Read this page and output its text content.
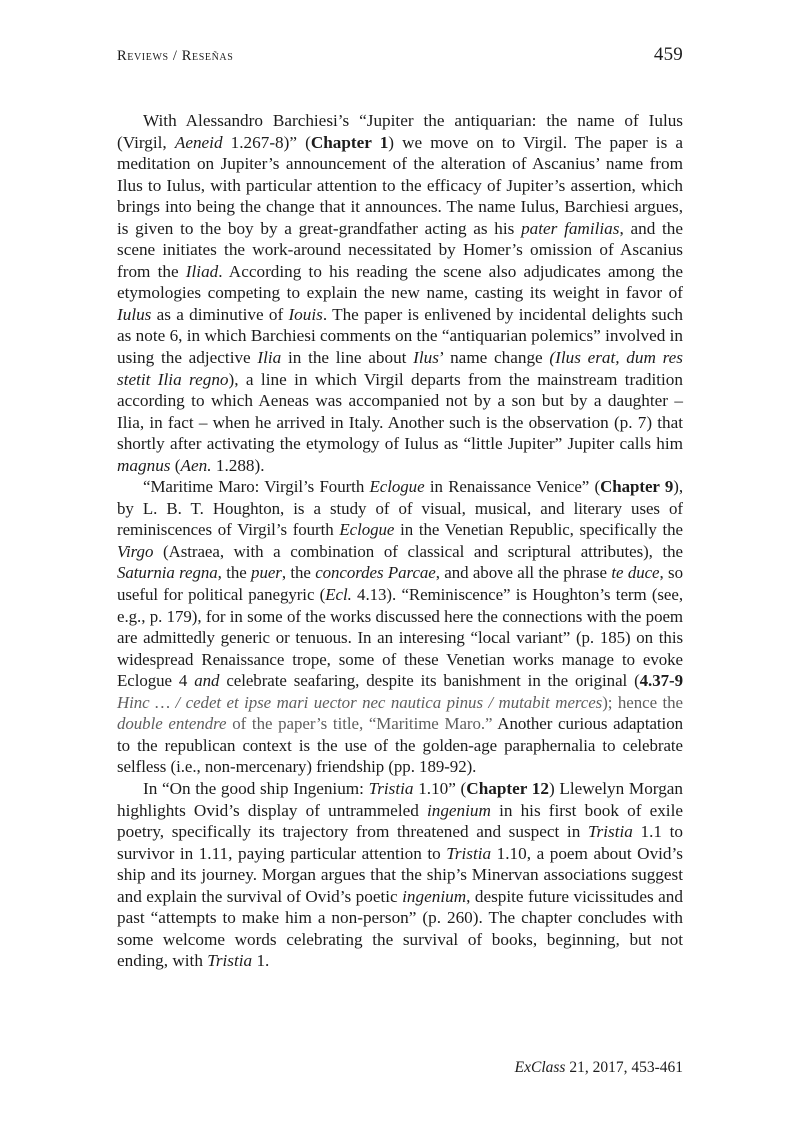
Reviews / Reseñas	459

With Alessandro Barchiesi’s “Jupiter the antiquarian: the name of Iulus (Virgil, Aeneid 1.267-8)” (Chapter 1) we move on to Virgil. The paper is a meditation on Jupiter’s announcement of the alteration of Ascanius’ name from Ilus to Iulus, with particular attention to the efficacy of Jupiter’s assertion, which brings into being the change that it announces. The name Iulus, Barchiesi argues, is given to the boy by a great-grandfather acting as his pater familias, and the scene initiates the work-around necessitated by Homer’s omission of Ascanius from the Iliad. According to his reading the scene also adjudicates among the etymologies competing to explain the new name, casting its weight in favor of Iulus as a diminutive of Iouis. The paper is enlivened by incidental delights such as note 6, in which Barchiesi comments on the “antiquarian polemics” involved in using the adjective Ilia in the line about Ilus’ name change (Ilus erat, dum res stetit Ilia regno), a line in which Virgil departs from the mainstream tradition according to which Aeneas was accompanied not by a son but by a daughter – Ilia, in fact – when he arrived in Italy. Another such is the observation (p. 7) that shortly after activating the etymology of Iulus as “little Jupiter” Jupiter calls him magnus (Aen. 1.288).

“Maritime Maro: Virgil’s Fourth Eclogue in Renaissance Venice” (Chapter 9), by L. B. T. Houghton, is a study of of visual, musical, and literary uses of reminiscences of Virgil’s fourth Eclogue in the Venetian Republic, specifically the Virgo (Astraea, with a combination of classical and scriptural attributes), the Saturnia regna, the puer, the concordes Parcae, and above all the phrase te duce, so useful for political panegyric (Ecl. 4.13). “Reminiscence” is Houghton’s term (see, e.g., p. 179), for in some of the works discussed here the connections with the poem are admittedly generic or tenuous. In an interesing “local variant” (p. 185) on this widespread Renaissance trope, some of these Venetian works manage to evoke Eclogue 4 and celebrate seafaring, despite its banishment in the original (4.37-9 Hinc … / cedet et ipse mari uector nec nautica pinus / mutabit merces); hence the double entendre of the paper’s title, “Maritime Maro.” Another curious adaptation to the republican context is the use of the golden-age paraphernalia to celebrate selfless (i.e., non-mercenary) friendship (pp. 189-92).

In “On the good ship Ingenium: Tristia 1.10” (Chapter 12) Llewelyn Morgan highlights Ovid’s display of untrammeled ingenium in his first book of exile poetry, specifically its trajectory from threatened and suspect in Tristia 1.1 to survivor in 1.11, paying particular attention to Tristia 1.10, a poem about Ovid’s ship and its journey. Morgan argues that the ship’s Minervan associations suggest and explain the survival of Ovid’s poetic ingenium, despite future vicissitudes and past “attempts to make him a non-person” (p. 260). The chapter concludes with some welcome words celebrating the survival of books, beginning, but not ending, with Tristia 1.

ExClass 21, 2017, 453-461
